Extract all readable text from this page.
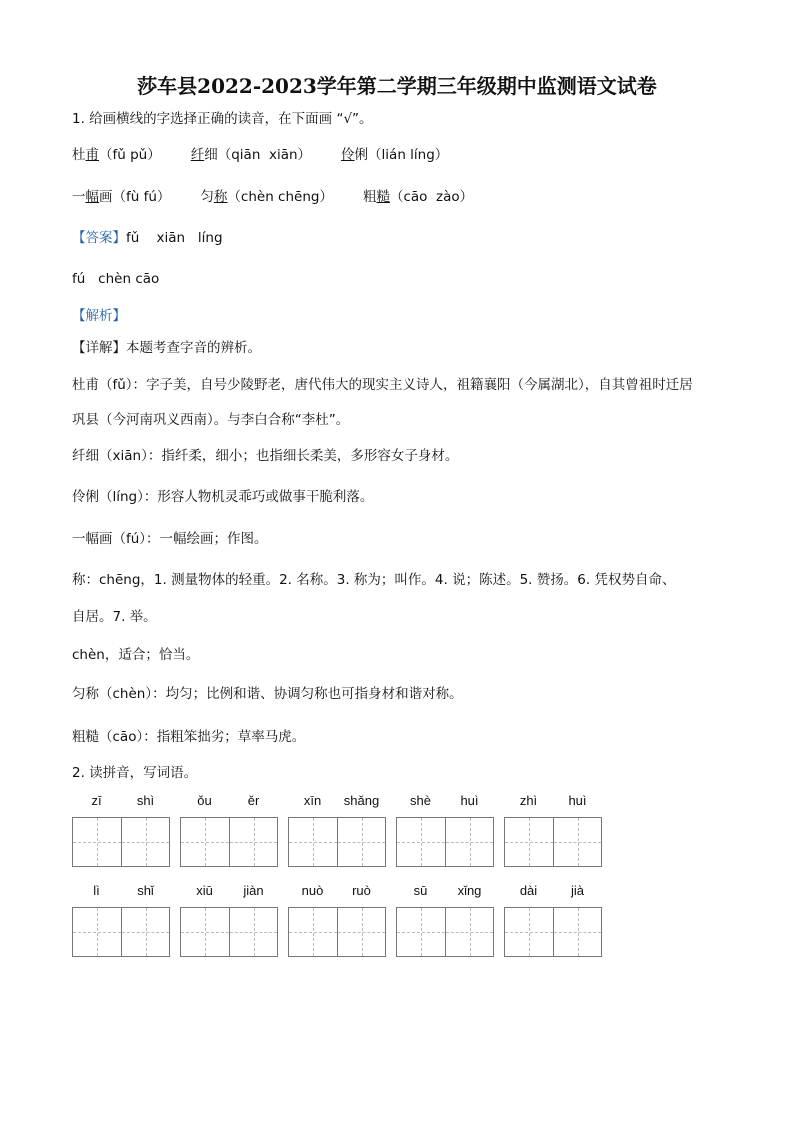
莎车县2022-2023学年第二学期三年级期中监测语文试卷
1. 给画横线的字选择正确的读音，在下面画 “√”。
杜甫（fǔ pǔ） 纤细（qiān  xiān） 伶俐（lián líng）
一幅画（fù fú） 匀称（chèn chēng） 粗糙（cāo  zào）
【答案】fǔ    xiān   líng
fú   chèn cāo
【解析】
【详解】本题考查字音的辨析。
杜甫（fǔ）：字子美，自号少陵野老，唐代伟大的现实主义诗人，祖籍襄阳（今属湖北），自其曾祖时迁居
巩县（今河南巩义西南）。与李白合称“李杜”。
纤细（xiān）：指纤柔，细小；也指细长柔美，多形容女子身材。
伶俐（líng）：形容人物机灵乖巧或做事干脆利落。
一幅画（fú）：一幅绘画；作图。
称：chēng，1. 测量物体的轻重。2. 名称。3. 称为；叫作。4. 说；陈述。5. 赞扬。6. 凭权势自命、
自居。7. 举。
chèn，适合；恰当。
匀称（chèn）：均匀；比例和谐、协调匀称也可指身材和谐对称。
粗糙（cāo）：指粗笨拙劣；草率马虎。
2. 读拼音，写词语。
zī	shì	ǒu	ěr	xīn	shǎng	shè	huì	zhì	huì
lì	shǐ	xiū	jiàn	nuò	ruò	sū	xǐng	dài	jià
